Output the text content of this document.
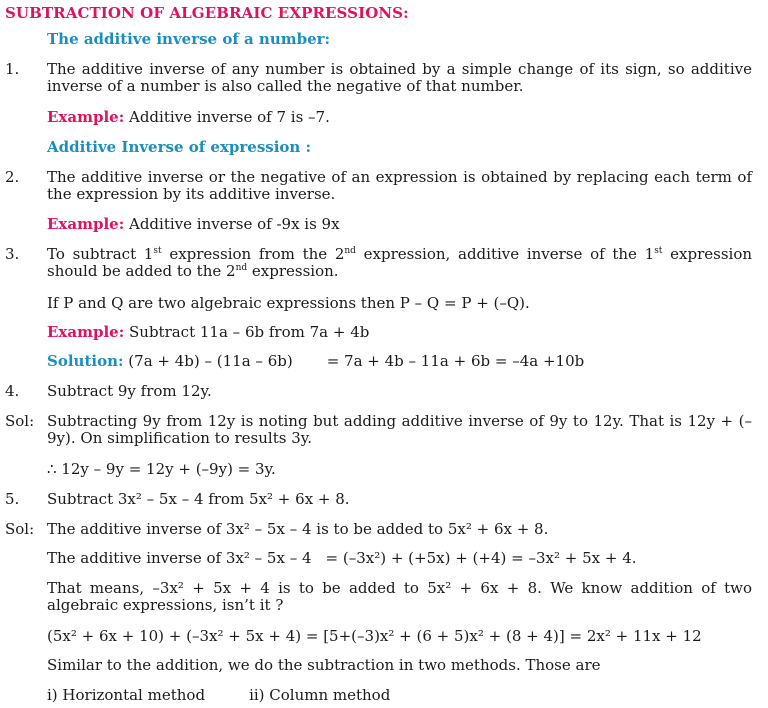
SUBTRACTION OF ALGEBRAIC EXPRESSIONS:
The additive inverse of a number:
1. The additive inverse of any number is obtained by a simple change of its sign, so additive inverse of a number is also called the negative of that number.
Example: Additive inverse of 7 is –7.
Additive Inverse of expression :
2. The additive inverse or the negative of an expression is obtained by replacing each term of the expression by its additive inverse.
Example: Additive inverse of -9x is 9x
3. To subtract 1st expression from the 2nd expression, additive inverse of the 1st expression should be added to the 2nd expression.
If P and Q are two algebraic expressions then P – Q = P + (–Q).
Example: Subtract 11a – 6b from 7a + 4b
Solution: (7a + 4b) – (11a – 6b) = 7a + 4b – 11a + 6b = –4a +10b
4. Subtract 9y from 12y.
Sol: Subtracting 9y from 12y is noting but adding additive inverse of 9y to 12y. That is 12y + (–9y). On simplification to results 3y.
∴ 12y – 9y = 12y + (–9y) = 3y.
5. Subtract 3x² – 5x – 4 from 5x² + 6x + 8.
Sol: The additive inverse of 3x² – 5x – 4 is to be added to 5x² + 6x + 8.
The additive inverse of 3x² – 5x – 4 = (–3x²) + (+5x) + (+4) = –3x² + 5x + 4.
That means, –3x² + 5x + 4 is to be added to 5x² + 6x + 8. We know addition of two algebraic expressions, isn’t it ?
(5x² + 6x + 10) + (–3x² + 5x + 4) = [5+(–3)x² + (6 + 5)x² + (8 + 4)] = 2x² + 11x + 12
Similar to the addition, we do the subtraction in two methods. Those are
i) Horizontal method	ii) Column method
